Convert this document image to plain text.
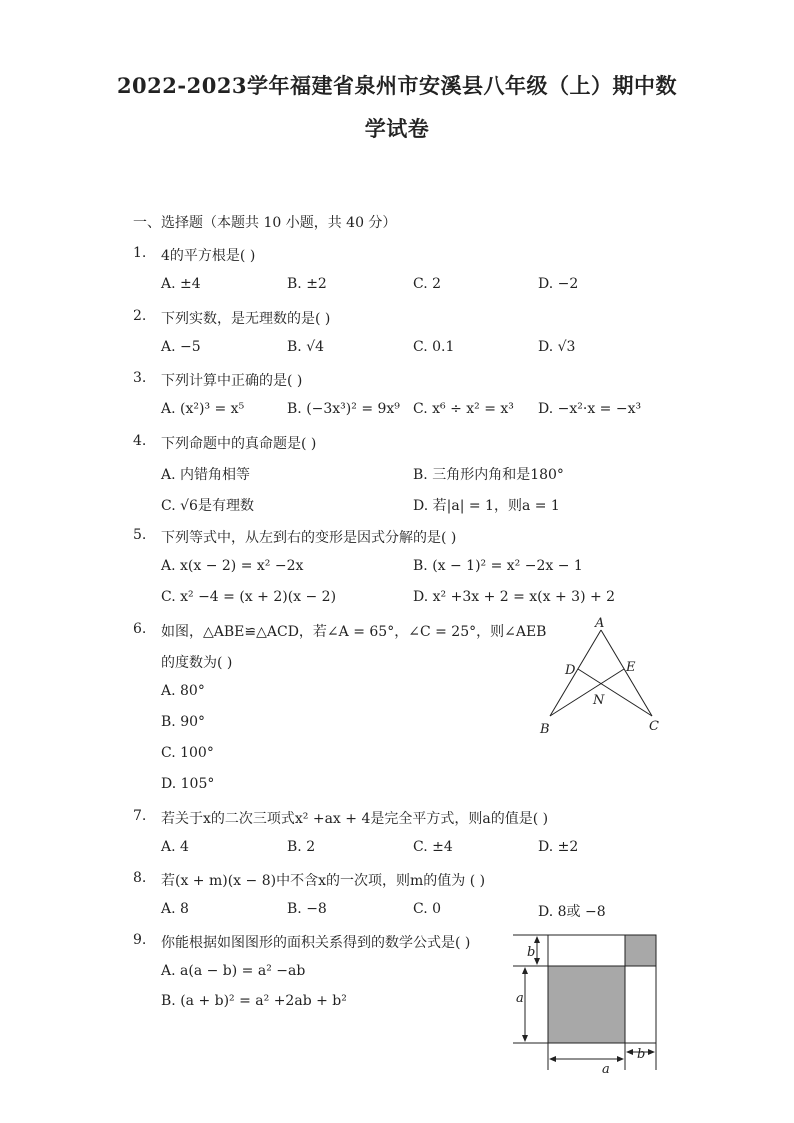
2022-2023学年福建省泉州市安溪县八年级（上）期中数
学试卷
一、选择题（本题共 10 小题，共 40 分）
1. 4的平方根是( )
A. ±4	B. ±2	C. 2	D. −2
2. 下列实数，是无理数的是( )
A. −5	B. √4	C. 0.1	D. √3
3. 下列计算中正确的是( )
A. (x²)³ = x⁵	B. (−3x³)² = 9x⁹ C. x⁶ ÷ x² = x³ D. −x²·x = −x³
4. 下列命题中的真命题是( )
A. 内错角相等	B. 三角形内角和是180°
C. √6是有理数	D. 若|a| = 1，则a = 1
5. 下列等式中，从左到右的变形是因式分解的是( )
A. x(x − 2) = x² −2x	B. (x − 1)² = x² −2x − 1
C. x² −4 = (x + 2)(x − 2)	D. x² +3x + 2 = x(x + 3) + 2
6. 如图，△ABE≌△ACD，若∠A = 65°，∠C = 25°，则∠AEB
的度数为( )
A. 80°
B. 90°
C. 100°
D. 105°
A
D	E
N
B	C
7. 若关于x的二次三项式x² +ax + 4是完全平方式，则a的值是( )
A. 4	B. 2	C. ±4	D. ±2
8. 若(x + m)(x − 8)中不含x的一次项，则m的值为 ( )
A. 8	B. −8	C. 0	D. 8或 −8
9. 你能根据如图图形的面积关系得到的数学公式是( )
A. a(a − b) = a² −ab
B. (a + b)² = a² +2ab + b²
b
a
a
b
